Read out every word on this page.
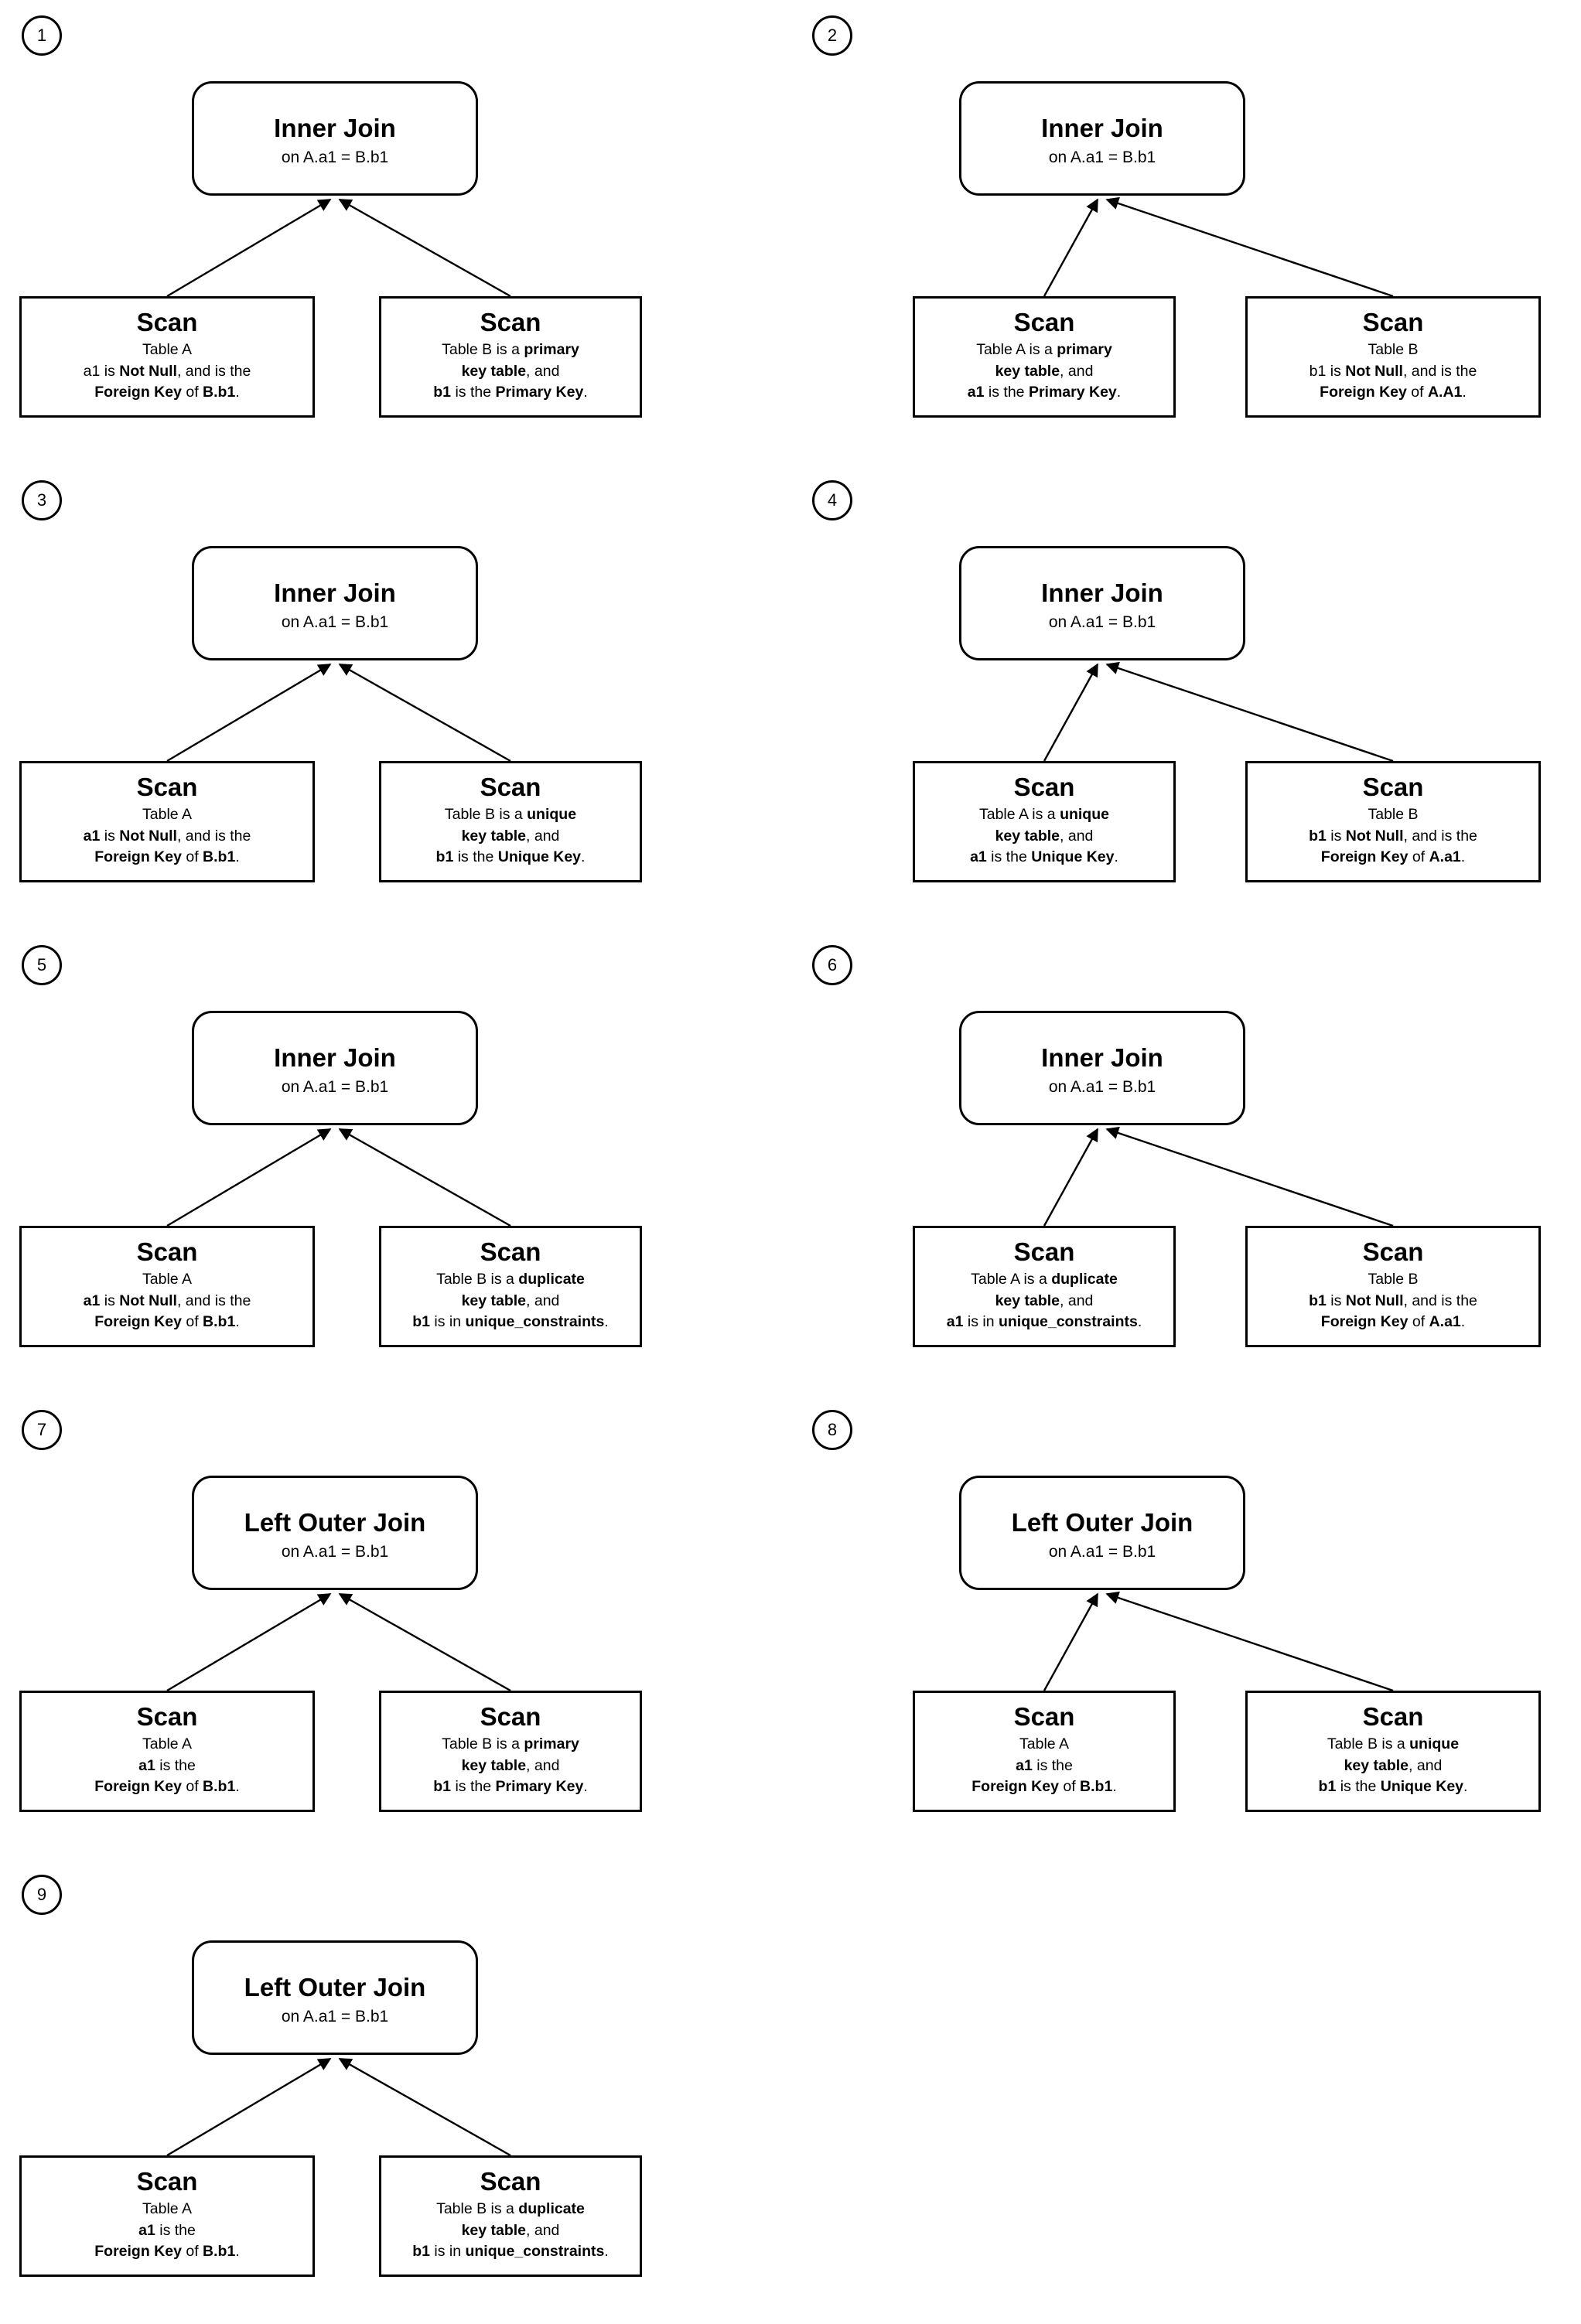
1
Inner Join
on A.a1 = B.b1
Scan
Table A
a1 is Not Null, and is the
Foreign Key of B.b1.
Scan
Table B is a primary
key table, and
b1 is the Primary Key.
2
Inner Join
on A.a1 = B.b1
Scan
Table A is a primary
key table, and
a1 is the Primary Key.
Scan
Table B
b1 is Not Null, and is the
Foreign Key of A.A1.
3
Inner Join
on A.a1 = B.b1
Scan
Table A
a1 is Not Null, and is the
Foreign Key of B.b1.
Scan
Table B is a unique
key table, and
b1 is the Unique Key.
4
Inner Join
on A.a1 = B.b1
Scan
Table A is a unique
key table, and
a1 is the Unique Key.
Scan
Table B
b1 is Not Null, and is the
Foreign Key of A.a1.
5
Inner Join
on A.a1 = B.b1
Scan
Table A
a1 is Not Null, and is the
Foreign Key of B.b1.
Scan
Table B is a duplicate
key table, and
b1 is in unique_constraints.
6
Inner Join
on A.a1 = B.b1
Scan
Table A is a duplicate
key table, and
a1 is in unique_constraints.
Scan
Table B
b1 is Not Null, and is the
Foreign Key of A.a1.
7
Left Outer Join
on A.a1 = B.b1
Scan
Table A
a1 is the
Foreign Key of B.b1.
Scan
Table B is a primary
key table, and
b1 is the Primary Key.
8
Left Outer Join
on A.a1 = B.b1
Scan
Table A
a1 is the
Foreign Key of B.b1.
Scan
Table B is a unique
key table, and
b1 is the Unique Key.
9
Left Outer Join
on A.a1 = B.b1
Scan
Table A
a1 is the
Foreign Key of B.b1.
Scan
Table B is a duplicate
key table, and
b1 is in unique_constraints.
